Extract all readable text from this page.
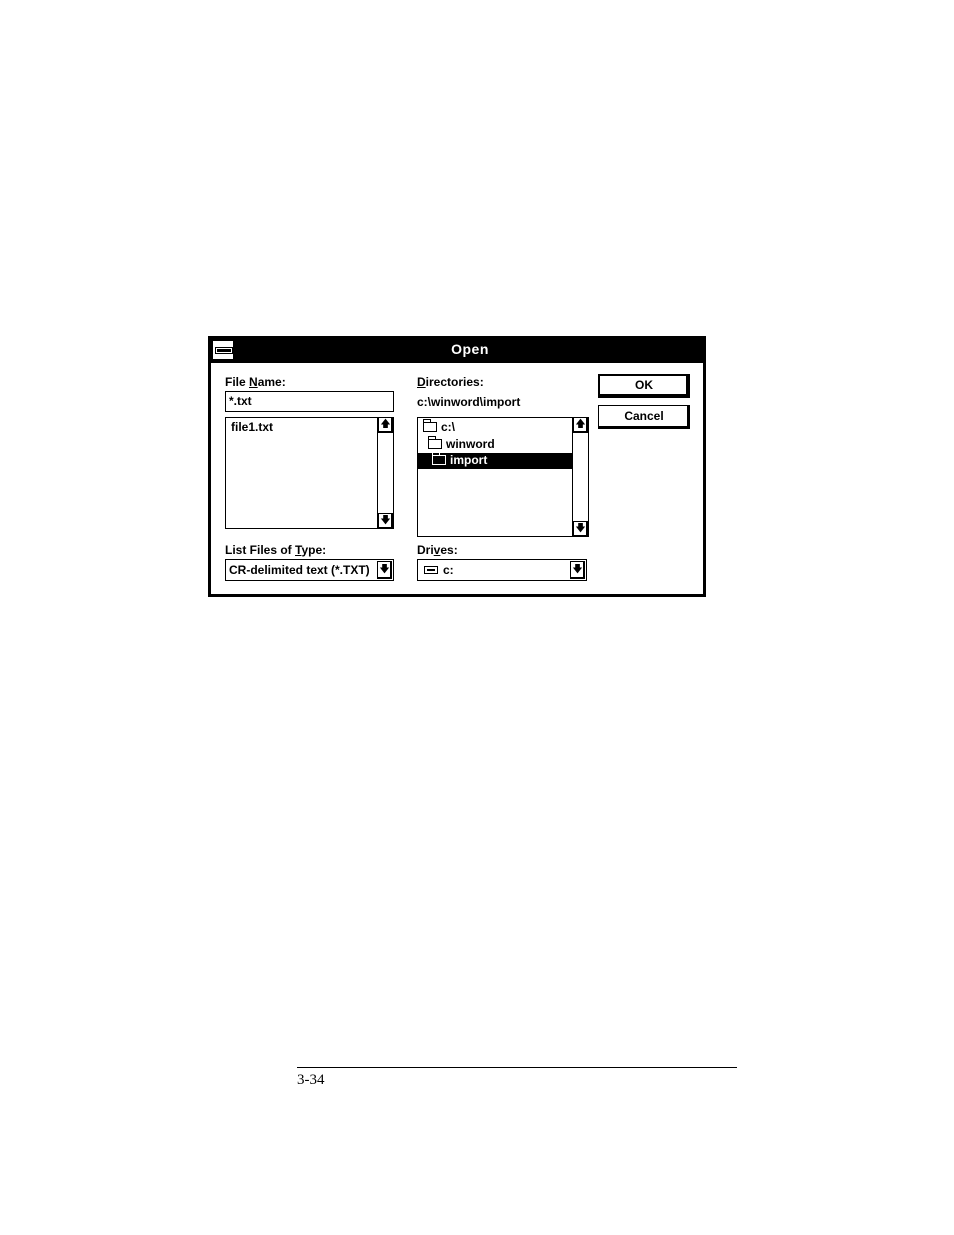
Open
File Name:
*.txt
file1.txt	🡅
🡇
Directories:
c:\winword\import
c:\
winword
import
🡅
🡇
OK
Cancel
List Files of Type:
CR-delimited text (*.TXT) 🡇
Drives:
c:	🡇
3-34
